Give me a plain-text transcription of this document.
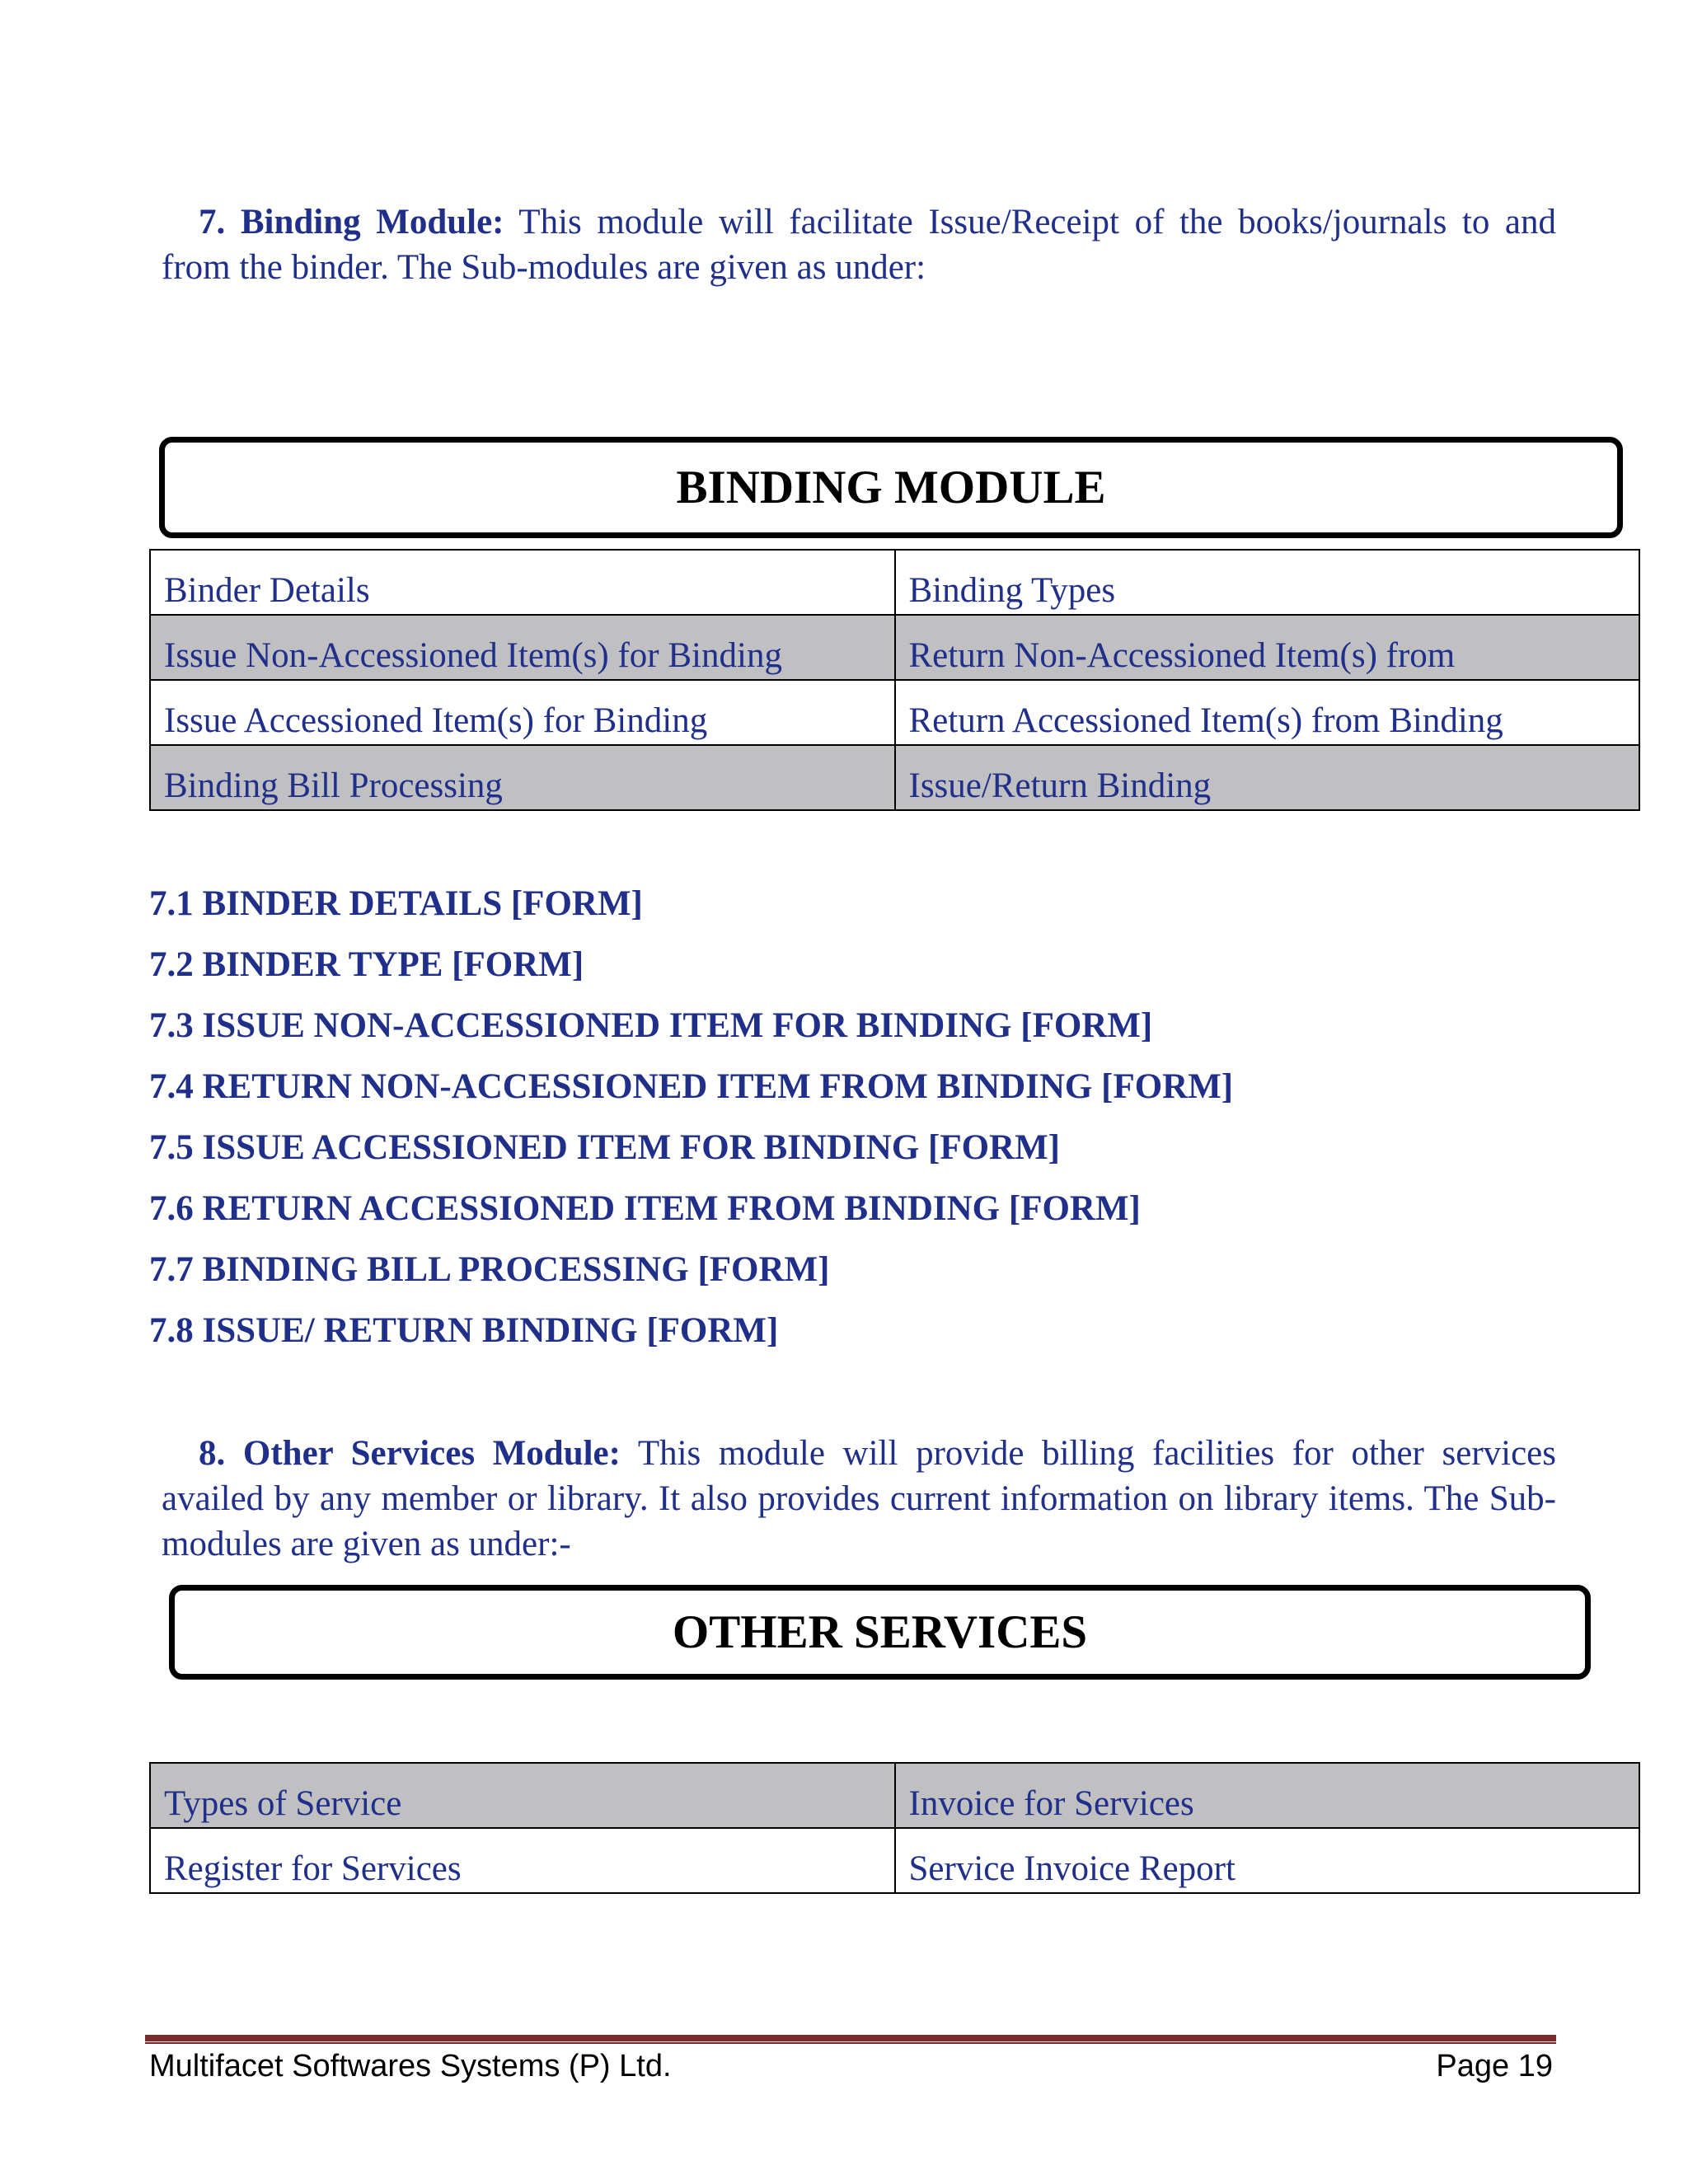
7. Binding Module: This module will facilitate Issue/Receipt of the books/journals to and from the binder. The Sub-modules are given as under:

BINDING MODULE
Binder Details	Binding Types
Issue Non-Accessioned Item(s) for Binding	Return Non-Accessioned Item(s) from
Issue Accessioned Item(s) for Binding	Return Accessioned Item(s) from Binding
Binding Bill Processing	Issue/Return Binding
7.1 BINDER DETAILS [FORM]
7.2 BINDER TYPE [FORM]
7.3 ISSUE NON-ACCESSIONED ITEM FOR BINDING [FORM]
7.4 RETURN NON-ACCESSIONED ITEM FROM BINDING [FORM]
7.5 ISSUE ACCESSIONED ITEM FOR BINDING [FORM]
7.6 RETURN ACCESSIONED ITEM FROM BINDING [FORM]
7.7 BINDING BILL PROCESSING [FORM]
7.8 ISSUE/ RETURN BINDING [FORM]

8. Other Services Module: This module will provide billing facilities for other services availed by any member or library. It also provides current information on library items. The Sub-modules are given as under:-

OTHER SERVICES
Types of Service	Invoice for Services
Register for Services	Service Invoice Report
Multifacet Softwares Systems (P) Ltd.	Page 19
